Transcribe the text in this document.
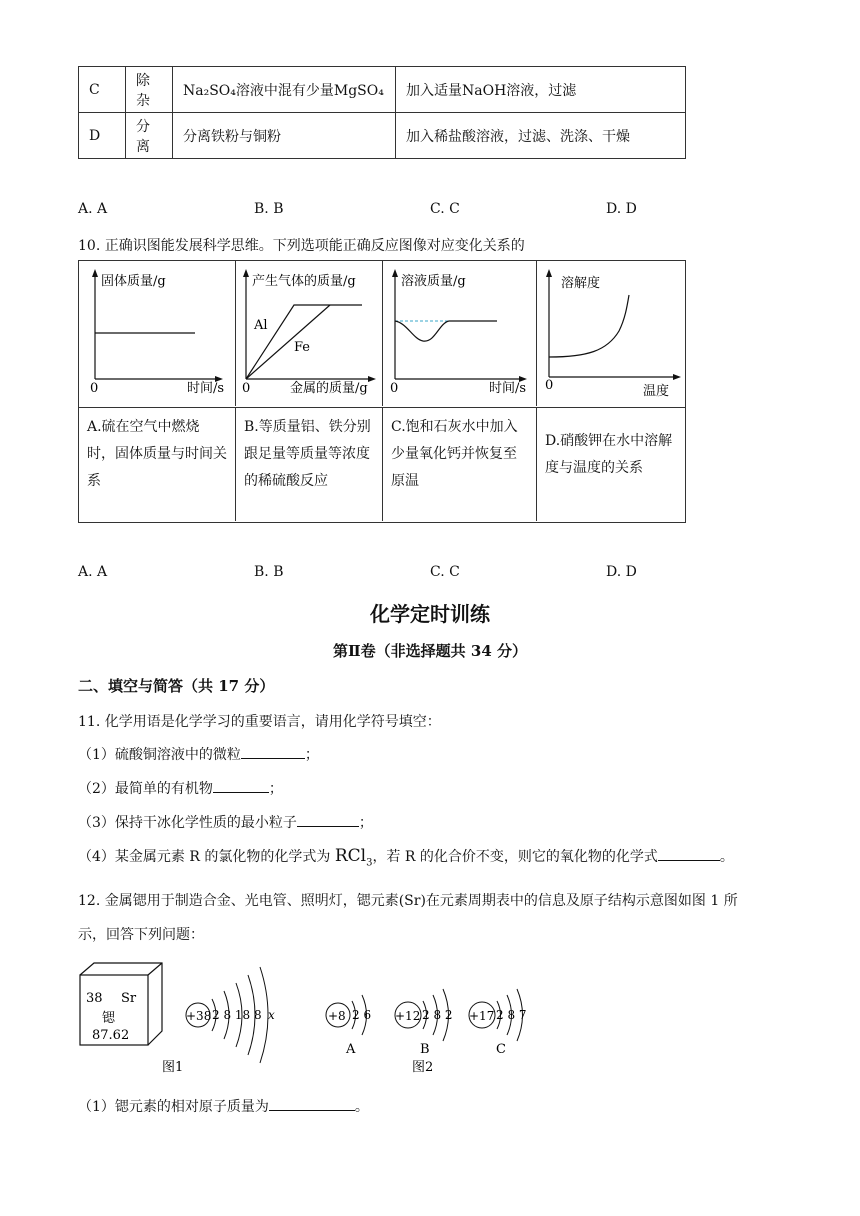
C	除杂	Na₂SO₄溶液中混有少量MgSO₄	加入适量NaOH溶液，过滤
D	分离	分离铁粉与铜粉	加入稀盐酸溶液，过滤、洗涤、干燥
A. A	B. B	C. C	D. D
10. 正确识图能发展科学思维。下列选项能正确反应图像对应变化关系的
固体质量/g
时间/s
0
产生气体的质量/g
金属的质量/g
0
Al
Fe
溶液质量/g
时间/s
0
溶解度
温度
0
A.硫在空气中燃烧时，固体质量与时间关系
B.等质量铝、铁分别跟足量等质量等浓度的稀硫酸反应
C.饱和石灰水中加入少量氧化钙并恢复至原温
D.硝酸钾在水中溶解度与温度的关系
A. A	B. B	C. C	D. D
化学定时训练
第Ⅱ卷（非选择题共 34 分）
二、填空与简答（共 17 分）
11. 化学用语是化学学习的重要语言，请用化学符号填空：
（1）硫酸铜溶液中的微粒	；
（2）最简单的有机物	；
（3）保持干冰化学性质的最小粒子	；
（4）某金属元素 R 的氯化物的化学式为 RCl$_3$，若 R 的化合价不变，则它的氧化物的化学式	。
12. 金属锶用于制造合金、光电管、照明灯，锶元素(Sr)在元素周期表中的信息及原子结构示意图如图 1 所
示，回答下列问题：
38 Sr
锶
87.62
+38 2 8 18 8 x
图1
+8 2 6
A
+12 2 8 2
B
+17 2 8 7
C
图2
（1）锶元素的相对原子质量为	。
